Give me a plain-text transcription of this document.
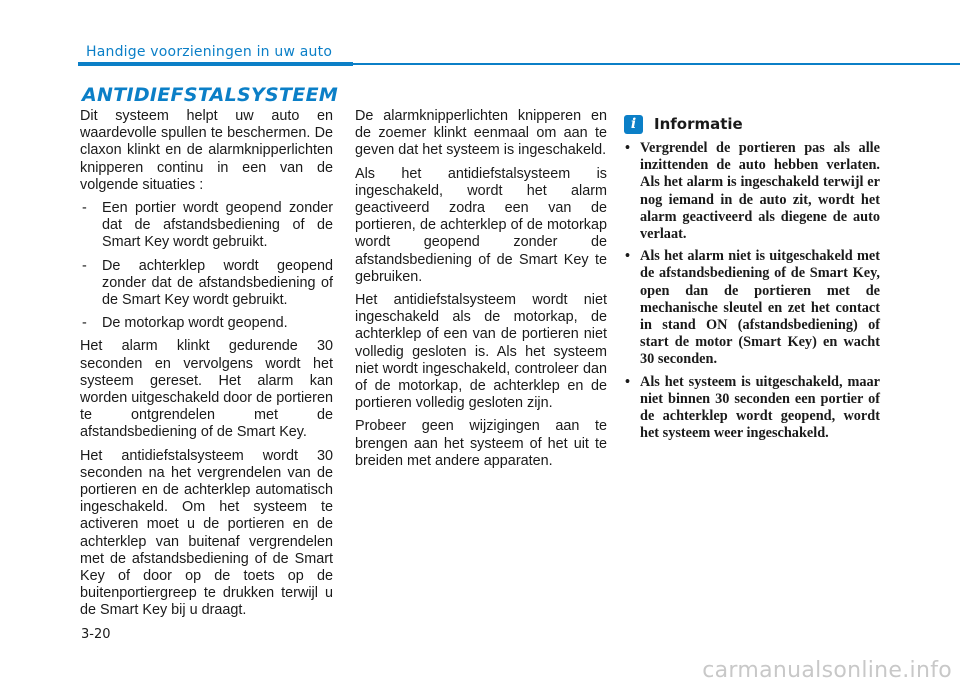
Handige voorzieningen in uw auto
ANTIDIEFSTALSYSTEEM

Dit systeem helpt uw auto en waardevolle spullen te beschermen. De claxon klinkt en de alarmknipperlichten knipperen continu in een van de volgende situaties :

- Een portier wordt geopend zonder dat de afstandsbediening of de Smart Key wordt gebruikt.
- De achterklep wordt geopend zonder dat de afstandsbediening of de Smart Key wordt gebruikt.
- De motorkap wordt geopend.

Het alarm klinkt gedurende 30 seconden en vervolgens wordt het systeem gereset. Het alarm kan worden uitgeschakeld door de portieren te ontgrendelen met de afstandsbediening of de Smart Key.

Het antidiefstalsysteem wordt 30 seconden na het vergrendelen van de portieren en de achterklep automatisch ingeschakeld. Om het systeem te activeren moet u de portieren en de achterklep van buitenaf vergrendelen met de afstandsbediening of de Smart Key of door op de toets op de buitenportiergreep te drukken terwijl u de Smart Key bij u draagt.

De alarmknipperlichten knipperen en de zoemer klinkt eenmaal om aan te geven dat het systeem is ingeschakeld.

Als het antidiefstalsysteem is ingeschakeld, wordt het alarm geactiveerd zodra een van de portieren, de achterklep of de motorkap wordt geopend zonder de afstandsbediening of de Smart Key te gebruiken.

Het antidiefstalsysteem wordt niet ingeschakeld als de motorkap, de achterklep of een van de portieren niet volledig gesloten is. Als het systeem niet wordt ingeschakeld, controleer dan of de motorkap, de achterklep en de portieren volledig gesloten zijn.

Probeer geen wijzigingen aan te brengen aan het systeem of het uit te breiden met andere apparaten.

i	Informatie
• Vergrendel de portieren pas als alle inzittenden de auto hebben verlaten. Als het alarm is ingeschakeld terwijl er nog iemand in de auto zit, wordt het alarm geactiveerd als diegene de auto verlaat.
• Als het alarm niet is uitgeschakeld met de afstandsbediening of de Smart Key, open dan de portieren met de mechanische sleutel en zet het contact in stand ON (afstandsbediening) of start de motor (Smart Key) en wacht 30 seconden.
• Als het systeem is uitgeschakeld, maar niet binnen 30 seconden een portier of de achterklep wordt geopend, wordt het systeem weer ingeschakeld.
3-20
carmanualsonline.info
